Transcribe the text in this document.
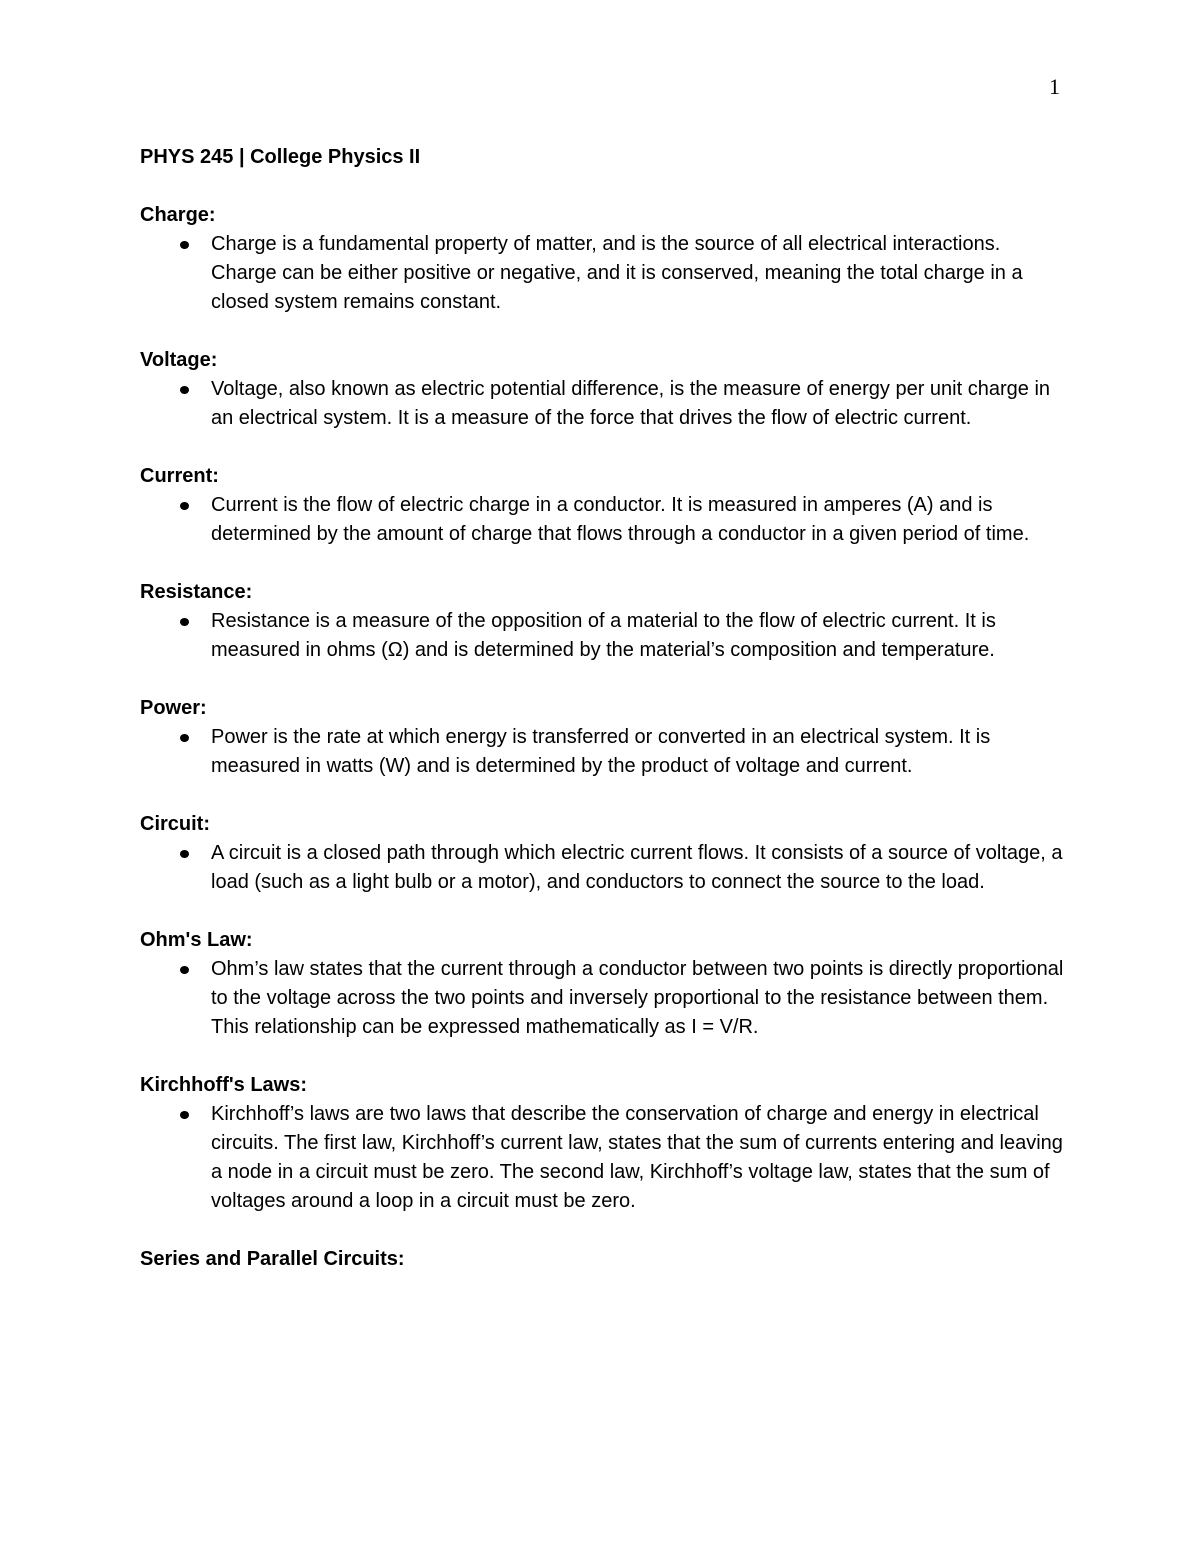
1
PHYS 245 | College Physics II
Charge:
Charge is a fundamental property of matter, and is the source of all electrical interactions. Charge can be either positive or negative, and it is conserved, meaning the total charge in a closed system remains constant.
Voltage:
Voltage, also known as electric potential difference, is the measure of energy per unit charge in an electrical system. It is a measure of the force that drives the flow of electric current.
Current:
Current is the flow of electric charge in a conductor. It is measured in amperes (A) and is determined by the amount of charge that flows through a conductor in a given period of time.
Resistance:
Resistance is a measure of the opposition of a material to the flow of electric current. It is measured in ohms (Ω) and is determined by the material’s composition and temperature.
Power:
Power is the rate at which energy is transferred or converted in an electrical system. It is measured in watts (W) and is determined by the product of voltage and current.
Circuit:
A circuit is a closed path through which electric current flows. It consists of a source of voltage, a load (such as a light bulb or a motor), and conductors to connect the source to the load.
Ohm's Law:
Ohm’s law states that the current through a conductor between two points is directly proportional to the voltage across the two points and inversely proportional to the resistance between them. This relationship can be expressed mathematically as I = V/R.
Kirchhoff's Laws:
Kirchhoff’s laws are two laws that describe the conservation of charge and energy in electrical circuits. The first law, Kirchhoff’s current law, states that the sum of currents entering and leaving a node in a circuit must be zero. The second law, Kirchhoff’s voltage law, states that the sum of voltages around a loop in a circuit must be zero.
Series and Parallel Circuits:
